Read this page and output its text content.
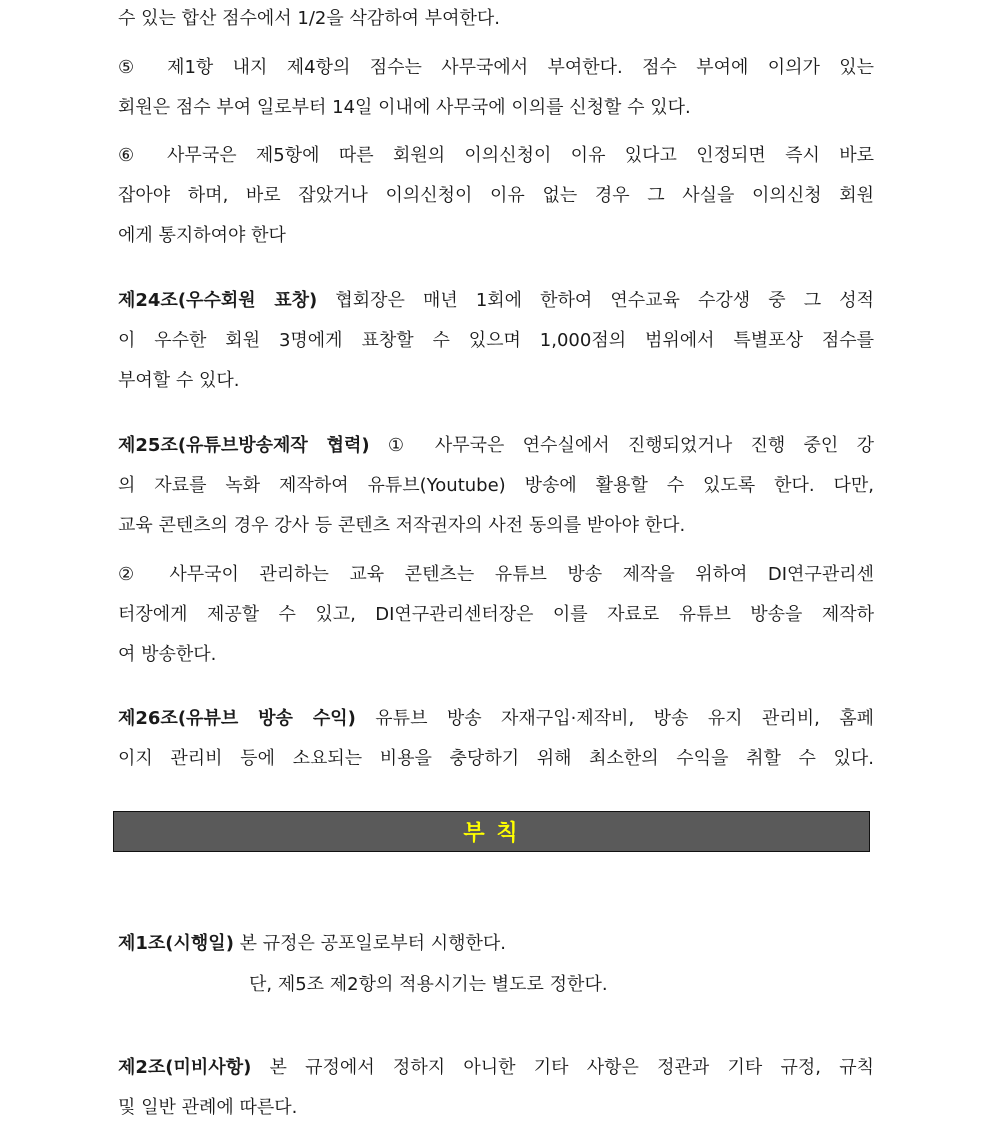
수 있는 합산 점수에서 1/2을 삭감하여 부여한다.
⑤ 제1항 내지 제4항의 점수는 사무국에서 부여한다. 점수 부여에 이의가 있는
회원은 점수 부여 일로부터 14일 이내에 사무국에 이의를 신청할 수 있다.
⑥ 사무국은 제5항에 따른 회원의 이의신청이 이유 있다고 인정되면 즉시 바로
잡아야 하며, 바로 잡았거나 이의신청이 이유 없는 경우 그 사실을 이의신청 회원
에게 통지하여야 한다
제24조(우수회원 표창) 협회장은 매년 1회에 한하여 연수교육 수강생 중 그 성적
이 우수한 회원 3명에게 표창할 수 있으며 1,000점의 범위에서 특별포상 점수를
부여할 수 있다.
제25조(유튜브방송제작 협력) ① 사무국은 연수실에서 진행되었거나 진행 중인 강
의 자료를 녹화 제작하여 유튜브(Youtube) 방송에 활용할 수 있도록 한다. 다만,
교육 콘텐츠의 경우 강사 등 콘텐츠 저작권자의 사전 동의를 받아야 한다.
② 사무국이 관리하는 교육 콘텐츠는 유튜브 방송 제작을 위하여 DI연구관리센
터장에게 제공할 수 있고, DI연구관리센터장은 이를 자료로 유튜브 방송을 제작하
여 방송한다.
제26조(유뷰브 방송 수익) 유튜브 방송 자재구입·제작비, 방송 유지 관리비, 홈페
이지 관리비 등에 소요되는 비용을 충당하기 위해 최소한의 수익을 취할 수 있다.
제1조(시행일) 본 규정은 공포일로부터 시행한다.
단, 제5조 제2항의 적용시기는 별도로 정한다.
제2조(미비사항) 본 규정에서 정하지 아니한 기타 사항은 정관과 기타 규정, 규칙
및 일반 관례에 따른다.
부 칙
